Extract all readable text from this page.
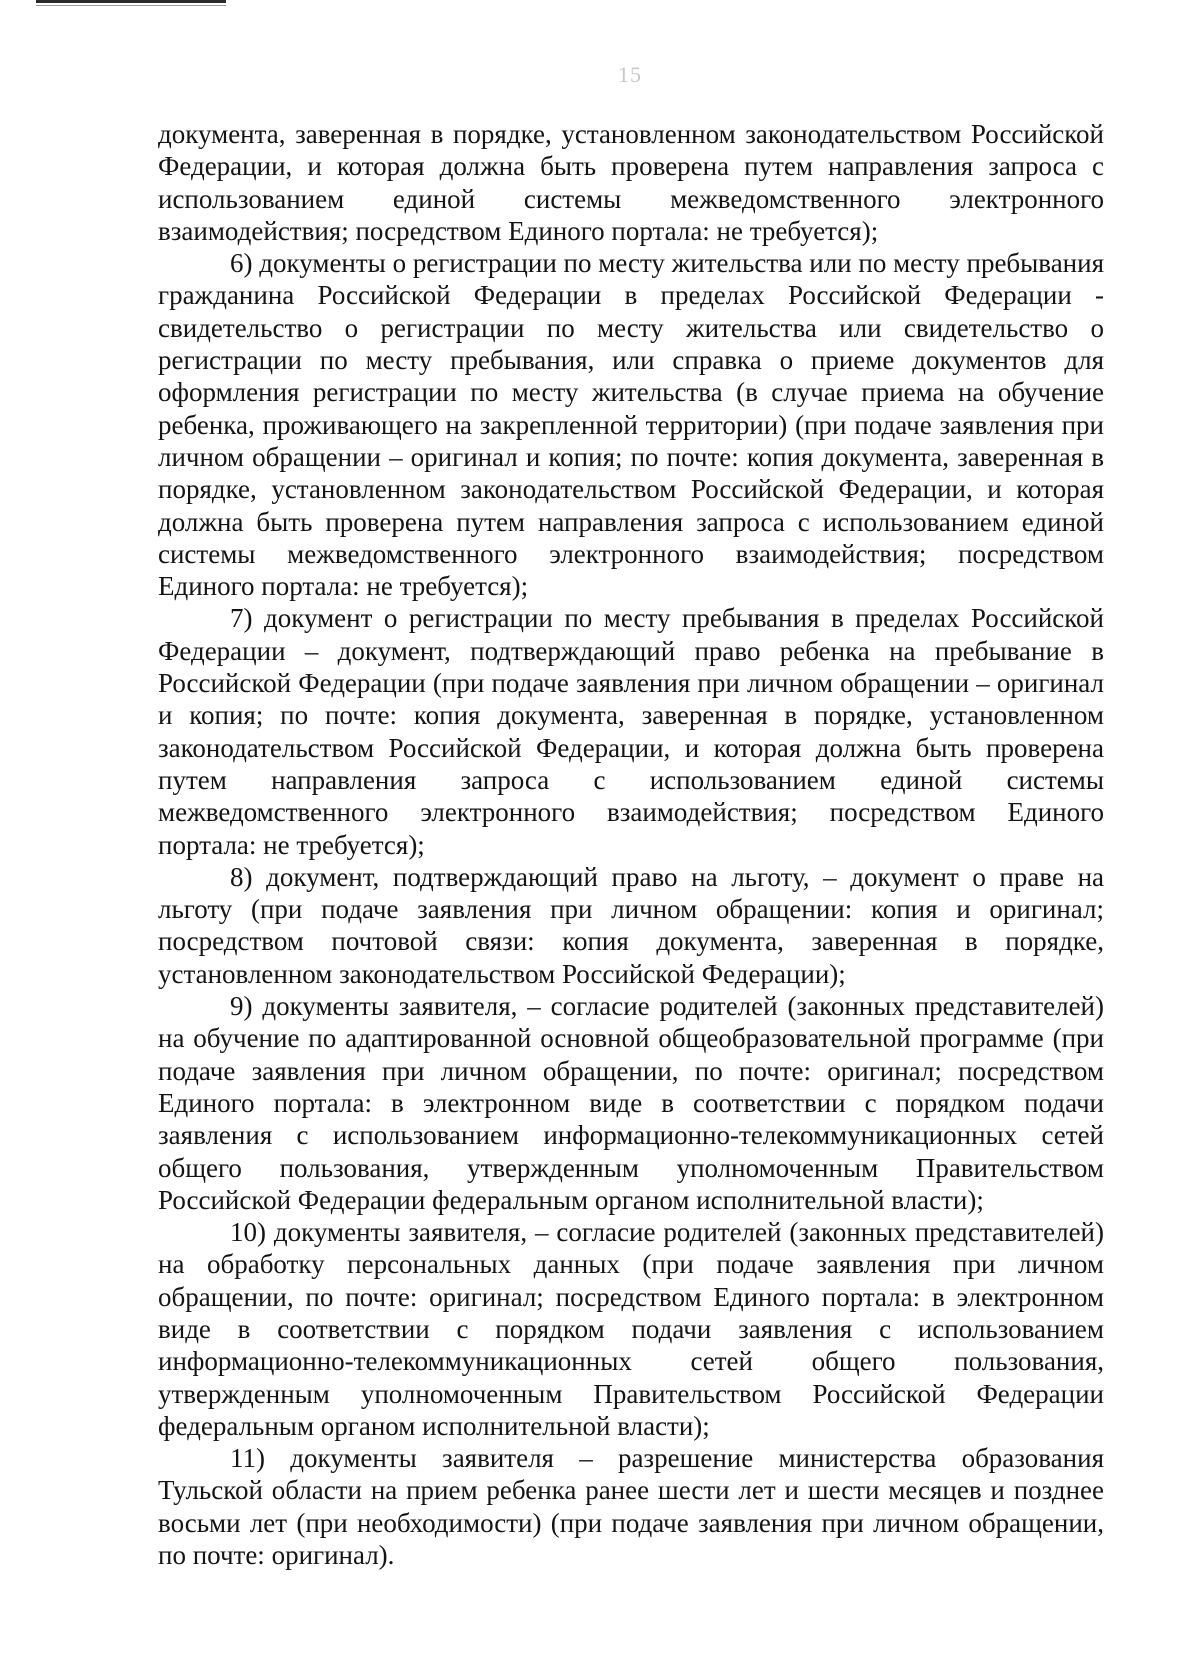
15

документа, заверенная в порядке, установленном законодательством Российской Федерации, и которая должна быть проверена путем направления запроса с использованием единой системы межведомственного электронного взаимодействия; посредством Единого портала: не требуется);

6) документы о регистрации по месту жительства или по месту пребывания гражданина Российской Федерации в пределах Российской Федерации - свидетельство о регистрации по месту жительства или свидетельство о регистрации по месту пребывания, или справка о приеме документов для оформления регистрации по месту жительства (в случае приема на обучение ребенка, проживающего на закрепленной территории) (при подаче заявления при личном обращении – оригинал и копия; по почте: копия документа, заверенная в порядке, установленном законодательством Российской Федерации, и которая должна быть проверена путем направления запроса с использованием единой системы межведомственного электронного взаимодействия; посредством Единого портала: не требуется);

7) документ о регистрации по месту пребывания в пределах Российской Федерации – документ, подтверждающий право ребенка на пребывание в Российской Федерации (при подаче заявления при личном обращении – оригинал и копия; по почте: копия документа, заверенная в порядке, установленном законодательством Российской Федерации, и которая должна быть проверена путем направления запроса с использованием единой системы межведомственного электронного взаимодействия; посредством Единого портала: не требуется);

8) документ, подтверждающий право на льготу, – документ о праве на льготу (при подаче заявления при личном обращении: копия и оригинал; посредством почтовой связи: копия документа, заверенная в порядке, установленном законодательством Российской Федерации);

9) документы заявителя, – согласие родителей (законных представителей) на обучение по адаптированной основной общеобразовательной программе (при подаче заявления при личном обращении, по почте: оригинал; посредством Единого портала: в электронном виде в соответствии с порядком подачи заявления с использованием информационно-телекоммуникационных сетей общего пользования, утвержденным уполномоченным Правительством Российской Федерации федеральным органом исполнительной власти);

10) документы заявителя, – согласие родителей (законных представителей) на обработку персональных данных (при подаче заявления при личном обращении, по почте: оригинал; посредством Единого портала: в электронном виде в соответствии с порядком подачи заявления с использованием информационно-телекоммуникационных сетей общего пользования, утвержденным уполномоченным Правительством Российской Федерации федеральным органом исполнительной власти);

11) документы заявителя – разрешение министерства образования Тульской области на прием ребенка ранее шести лет и шести месяцев и позднее восьми лет (при необходимости) (при подаче заявления при личном обращении, по почте: оригинал).
